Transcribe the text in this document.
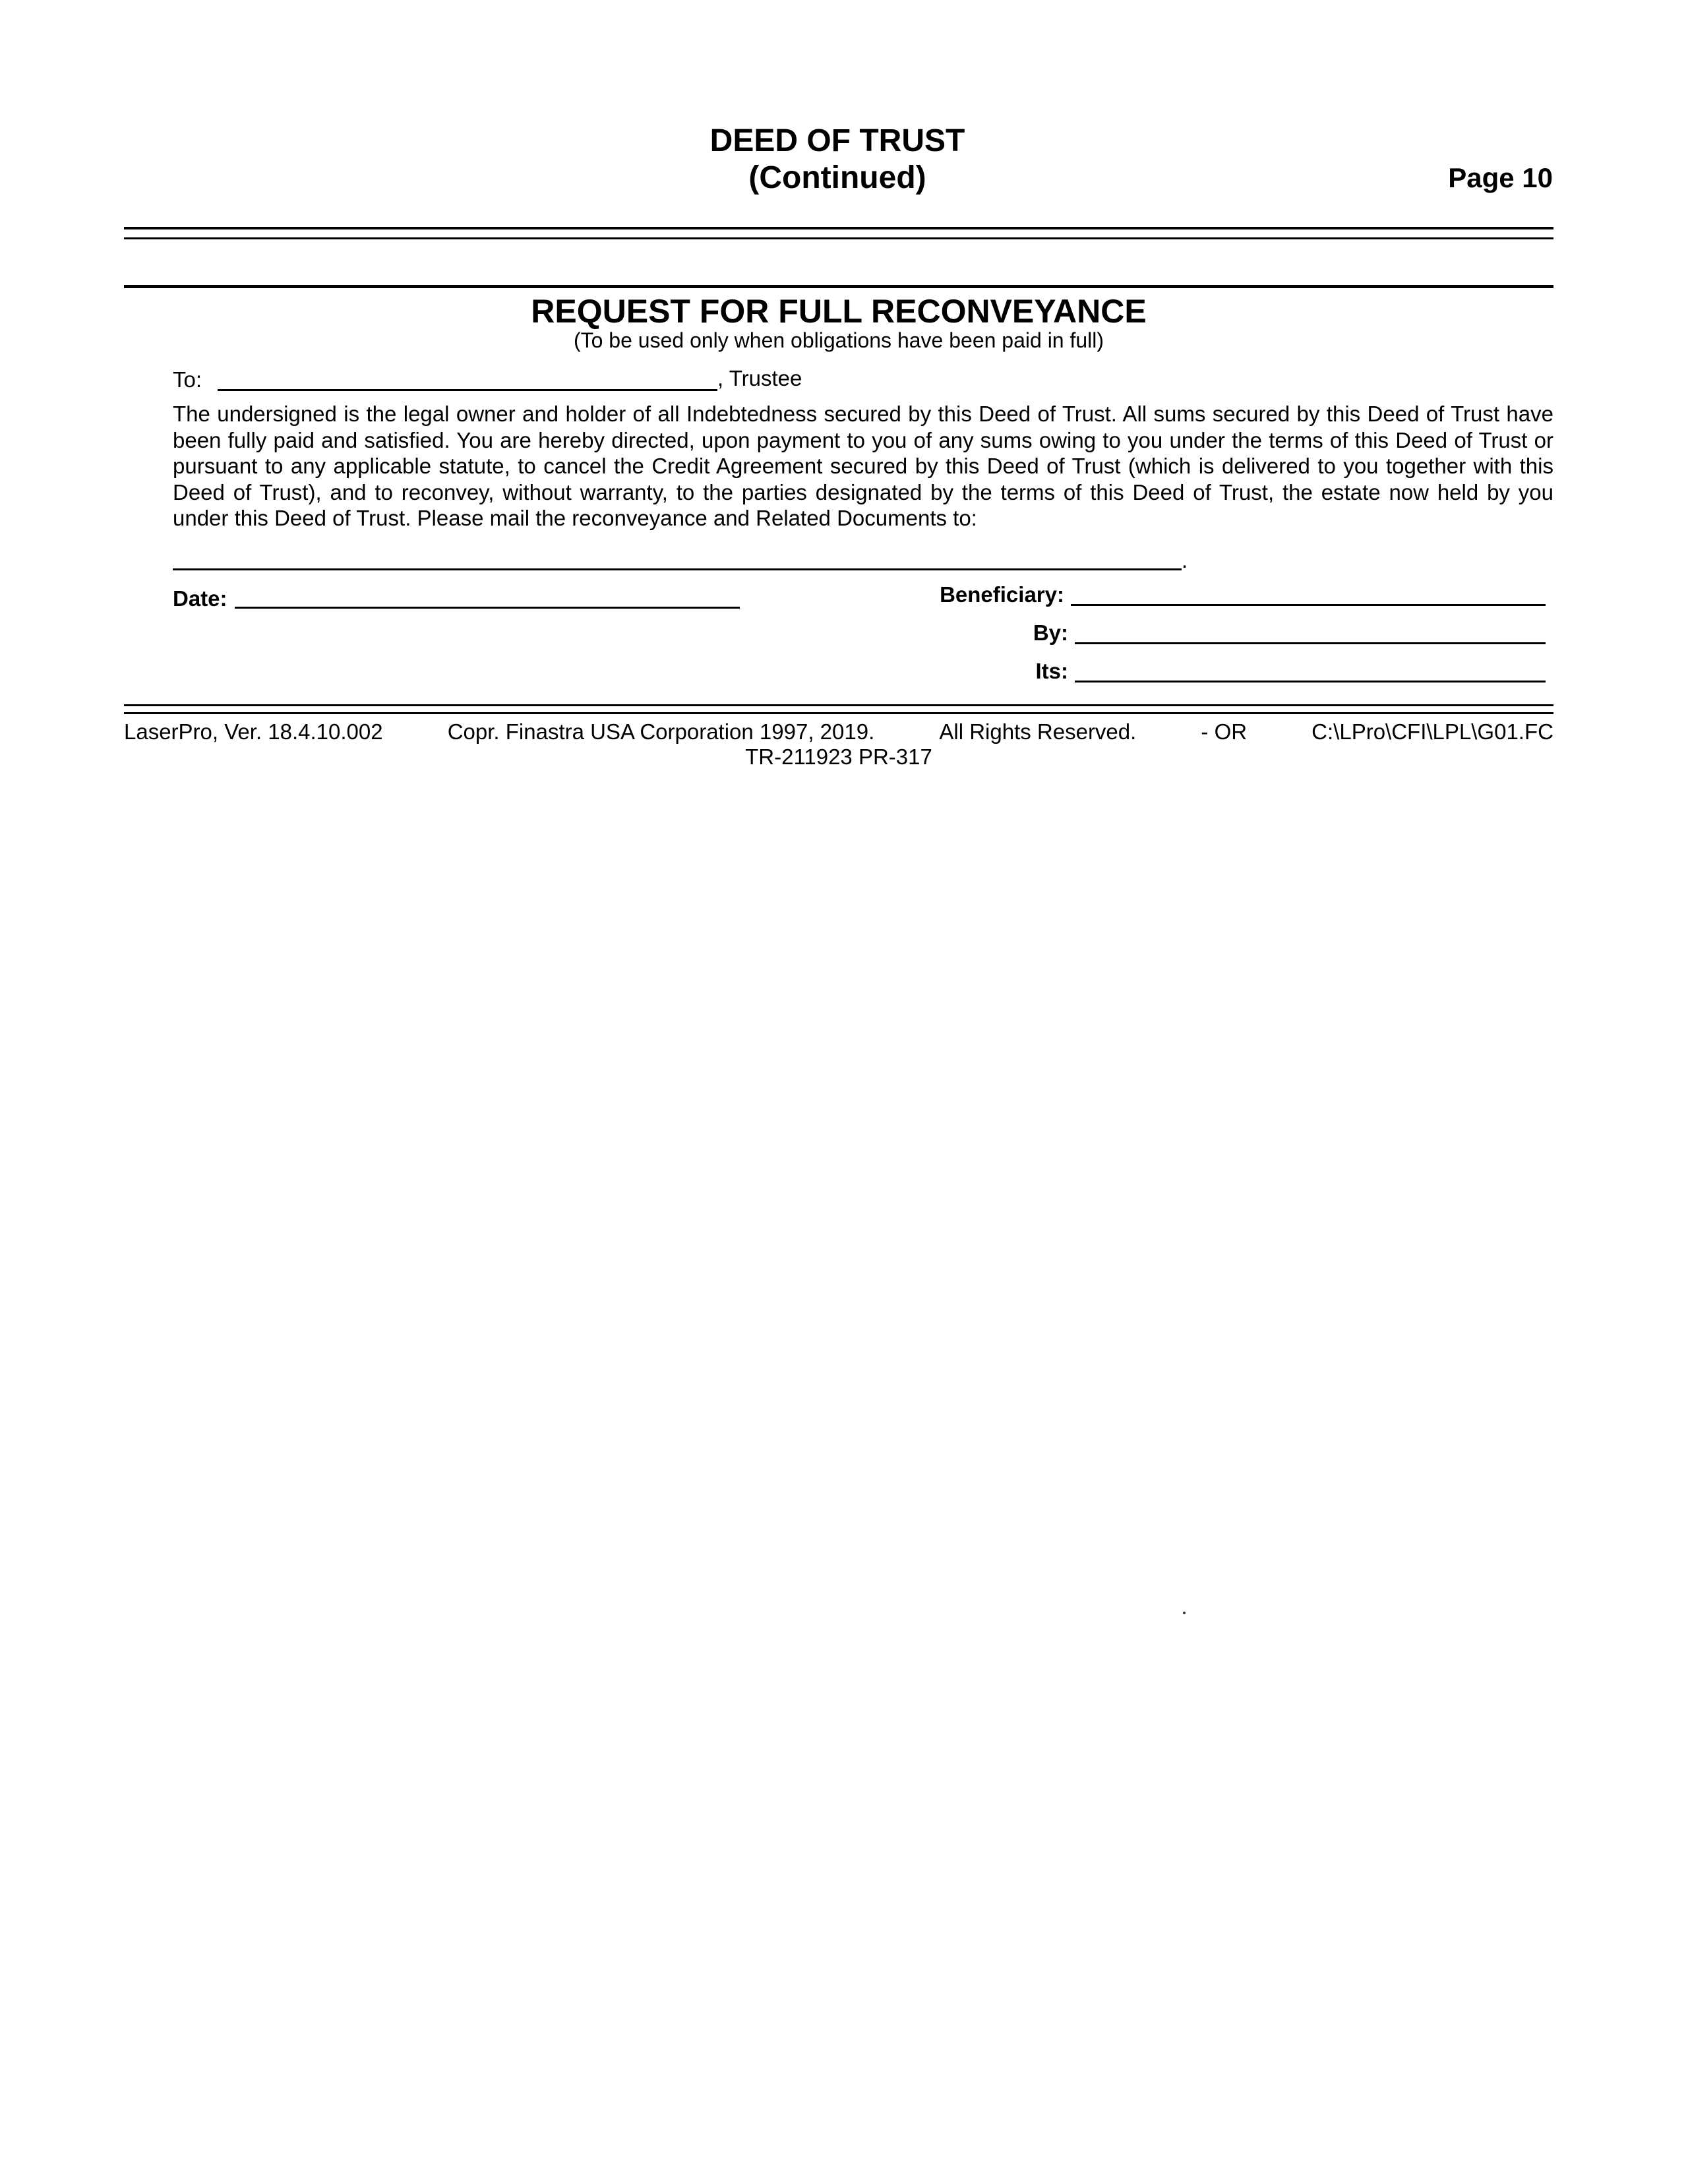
DEED OF TRUST
(Continued)	Page 10
REQUEST FOR FULL RECONVEYANCE
(To be used only when obligations have been paid in full)
To:	, Trustee
The undersigned is the legal owner and holder of all Indebtedness secured by this Deed of Trust. All sums secured by this Deed of Trust have been fully paid and satisfied. You are hereby directed, upon payment to you of any sums owing to you under the terms of this Deed of Trust or pursuant to any applicable statute, to cancel the Credit Agreement secured by this Deed of Trust (which is delivered to you together with this Deed of Trust), and to reconvey, without warranty, to the parties designated by the terms of this Deed of Trust, the estate now held by you under this Deed of Trust. Please mail the reconveyance and Related Documents to:
.
Date:	Beneficiary:
By:
Its:
LaserPro, Ver. 18.4.10.002	Copr. Finastra USA Corporation 1997, 2019.	All Rights Reserved.	- OR	C:\LPro\CFI\LPL\G01.FC
TR-211923 PR-317
